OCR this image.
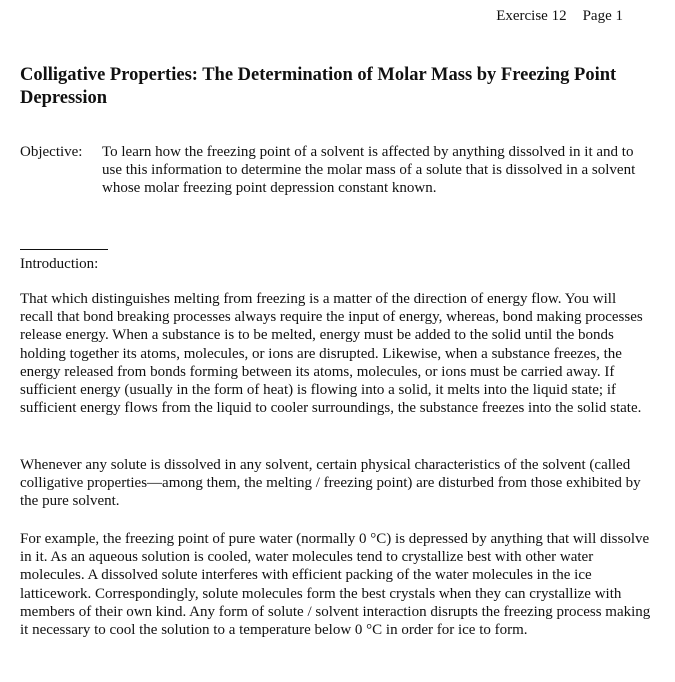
Exercise 12 Page 1
Colligative Properties: The Determination of Molar Mass by Freezing Point Depression
Objective:	To learn how the freezing point of a solvent is affected by anything dissolved in it and to use this information to determine the molar mass of a solute that is dissolved in a solvent whose molar freezing point depression constant known.
Introduction:

That which distinguishes melting from freezing is a matter of the direction of energy flow. You will recall that bond breaking processes always require the input of energy, whereas, bond making processes release energy. When a substance is to be melted, energy must be added to the solid until the bonds holding together its atoms, molecules, or ions are disrupted. Likewise, when a substance freezes, the energy released from bonds forming between its atoms, molecules, or ions must be carried away. If sufficient energy (usually in the form of heat) is flowing into a solid, it melts into the liquid state; if sufficient energy flows from the liquid to cooler surroundings, the substance freezes into the solid state.

Whenever any solute is dissolved in any solvent, certain physical characteristics of the solvent (called colligative properties—among them, the melting / freezing point) are disturbed from those exhibited by the pure solvent.

For example, the freezing point of pure water (normally 0 °C) is depressed by anything that will dissolve in it. As an aqueous solution is cooled, water molecules tend to crystallize best with other water molecules. A dissolved solute interferes with efficient packing of the water molecules in the ice latticework. Correspondingly, solute molecules form the best crystals when they can crystallize with members of their own kind. Any form of solute / solvent interaction disrupts the freezing process making it necessary to cool the solution to a temperature below 0 °C in order for ice to form.
